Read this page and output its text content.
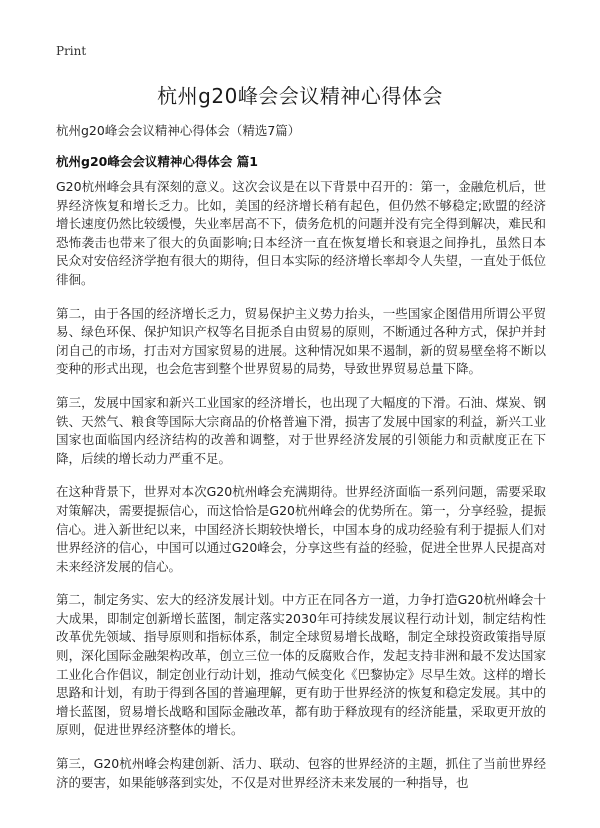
Print
杭州g20峰会会议精神心得体会
杭州g20峰会会议精神心得体会（精选7篇）
杭州g20峰会会议精神心得体会 篇1

G20杭州峰会具有深刻的意义。这次会议是在以下背景中召开的：第一，金融危机后，世界经济恢复和增长乏力。比如，美国的经济增长稍有起色，但仍然不够稳定;欧盟的经济增长速度仍然比较缓慢，失业率居高不下，债务危机的问题并没有完全得到解决，难民和恐怖袭击也带来了很大的负面影响;日本经济一直在恢复增长和衰退之间挣扎，虽然日本民众对安倍经济学抱有很大的期待，但日本实际的经济增长率却令人失望，一直处于低位徘徊。

第二，由于各国的经济增长乏力，贸易保护主义势力抬头，一些国家企图借用所谓公平贸易、绿色环保、保护知识产权等名目扼杀自由贸易的原则，不断通过各种方式，保护并封闭自己的市场，打击对方国家贸易的进展。这种情况如果不遏制，新的贸易壁垒将不断以变种的形式出现，也会危害到整个世界贸易的局势，导致世界贸易总量下降。

第三，发展中国家和新兴工业国家的经济增长，也出现了大幅度的下滑。石油、煤炭、钢铁、天然气、粮食等国际大宗商品的价格普遍下滑，损害了发展中国家的利益，新兴工业国家也面临国内经济结构的改善和调整，对于世界经济发展的引领能力和贡献度正在下降，后续的增长动力严重不足。

在这种背景下，世界对本次G20杭州峰会充满期待。世界经济面临一系列问题，需要采取对策解决，需要提振信心，而这恰恰是G20杭州峰会的优势所在。第一，分享经验，提振信心。进入新世纪以来，中国经济长期较快增长，中国本身的成功经验有利于提振人们对世界经济的信心，中国可以通过G20峰会，分享这些有益的经验，促进全世界人民提高对未来经济发展的信心。

第二，制定务实、宏大的经济发展计划。中方正在同各方一道，力争打造G20杭州峰会十大成果，即制定创新增长蓝图，制定落实2030年可持续发展议程行动计划，制定结构性改革优先领域、指导原则和指标体系，制定全球贸易增长战略，制定全球投资政策指导原则，深化国际金融架构改革，创立三位一体的反腐败合作，发起支持非洲和最不发达国家工业化合作倡议，制定创业行动计划，推动气候变化《巴黎协定》尽早生效。这样的增长思路和计划，有助于得到各国的普遍理解，更有助于世界经济的恢复和稳定发展。其中的增长蓝图，贸易增长战略和国际金融改革，都有助于释放现有的经济能量，采取更开放的原则，促进世界经济整体的增长。

第三，G20杭州峰会构建创新、活力、联动、包容的世界经济的主题，抓住了当前世界经济的要害，如果能够落到实处，不仅是对世界经济未来发展的一种指导，也
